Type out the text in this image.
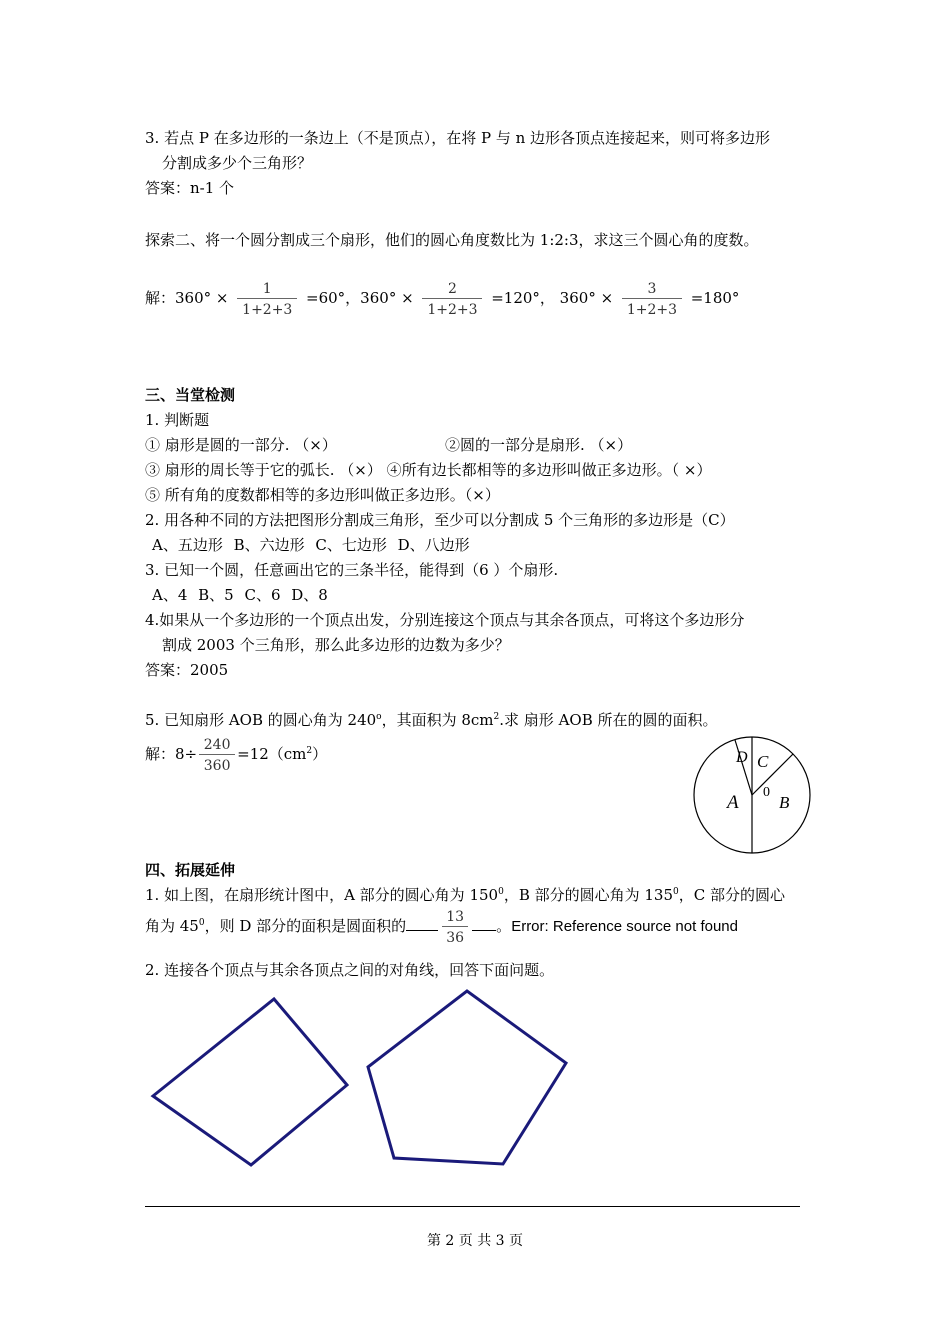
3. 若点 P 在多边形的一条边上（不是顶点），在将 P 与 n 边形各顶点连接起来，则可将多边形
分割成多少个三角形？
答案：n-1 个
探索二、将一个圆分割成三个扇形，他们的圆心角度数比为 1:2:3，求这三个圆心角的度数。
解：$360^\circ \times \frac{1}{1+2+3} =60^\circ$，$360^\circ \times \frac{2}{1+2+3} =120^\circ$， $360^\circ \times \frac{3}{1+2+3} =180^\circ$
三、当堂检测
1. 判断题
① 扇形是圆的一部分. （×）	②圆的一部分是扇形. （×）
③ 扇形的周长等于它的弧长. （×） ④所有边长都相等的多边形叫做正多边形。（ ×）
⑤ 所有角的度数都相等的多边形叫做正多边形。（×）
2. 用各种不同的方法把图形分割成三角形，至少可以分割成 5 个三角形的多边形是（C）
A、五边形 B、六边形 C、七边形 D、八边形
3. 已知一个圆，任意画出它的三条半径，能得到（6 ）个扇形.
A、4 B、5 C、6 D、8
4.如果从一个多边形的一个顶点出发，分别连接这个顶点与其余各顶点，可将这个多边形分
割成 2003 个三角形，那么此多边形的边数为多少？
答案：2005
5. 已知扇形 AOB 的圆心角为 240$^o$，其面积为 $8cm^2$.求 扇形 AOB 所在的圆的面积。
解：$8\div \frac{240}{360} =12(cm^2)$
四、拓展延伸
1. 如上图，在扇形统计图中，A 部分的圆心角为 $150^0$，B 部分的圆心角为 $135^0$，C 部分的圆心
角为 $45^0$，则 D 部分的面积是圆面积的	$\frac{13}{36}$ 。Error: Reference source not found
2. 连接各个顶点与其余各顶点之间的对角线，回答下面问题。
A B
C
D
0
第 2 页 共 3 页
